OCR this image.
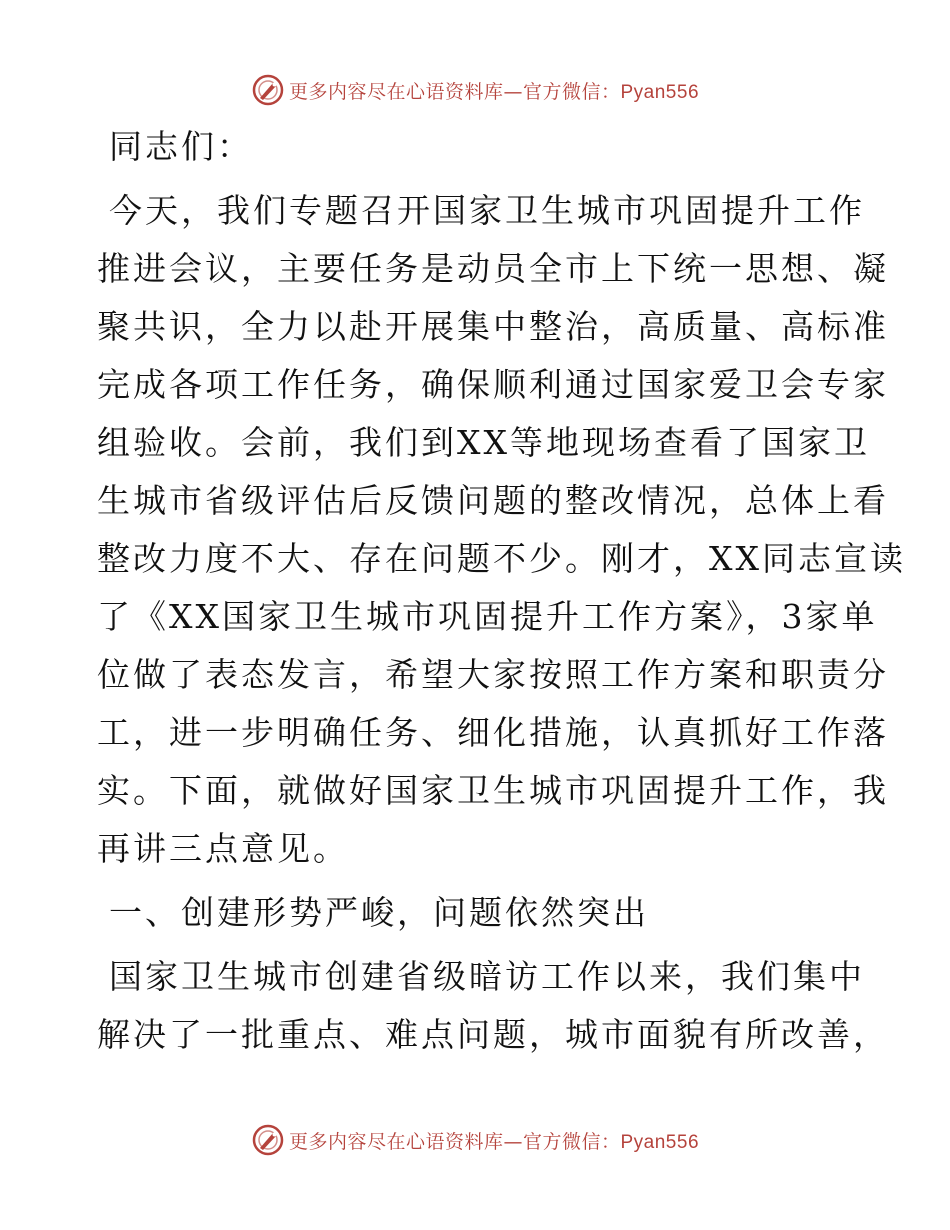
更多内容尽在心语资料库—官方微信：Pyan556
同志们：
今天，我们专题召开国家卫生城市巩固提升工作
推进会议，主要任务是动员全市上下统一思想、凝
聚共识，全力以赴开展集中整治，高质量、高标准
完成各项工作任务，确保顺利通过国家爱卫会专家
组验收。会前，我们到XX等地现场查看了国家卫
生城市省级评估后反馈问题的整改情况，总体上看
整改力度不大、存在问题不少。刚才，XX同志宣读
了《XX国家卫生城市巩固提升工作方案》，3家单
位做了表态发言，希望大家按照工作方案和职责分
工，进一步明确任务、细化措施，认真抓好工作落
实。下面，就做好国家卫生城市巩固提升工作，我
再讲三点意见。
一、创建形势严峻，问题依然突出
国家卫生城市创建省级暗访工作以来，我们集中
解决了一批重点、难点问题，城市面貌有所改善，
更多内容尽在心语资料库—官方微信：Pyan556
